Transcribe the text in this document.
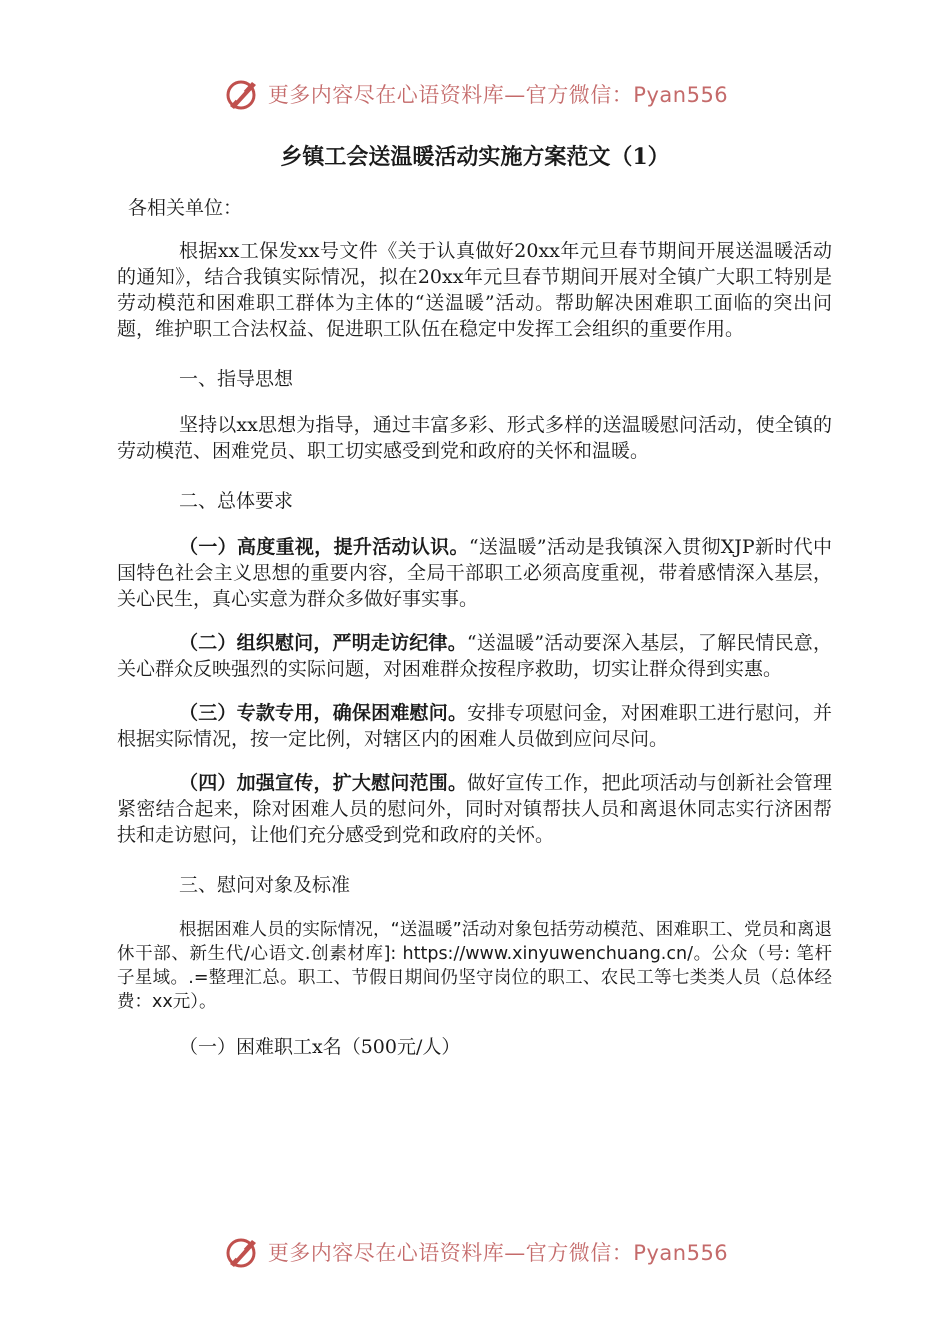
更多内容尽在心语资料库—官方微信：Pyan556
乡镇工会送温暖活动实施方案范文（1）

各相关单位：

根据xx工保发xx号文件《关于认真做好20xx年元旦春节期间开展送温暖活动的通知》，结合我镇实际情况，拟在20xx年元旦春节期间开展对全镇广大职工特别是劳动模范和困难职工群体为主体的“送温暖”活动。帮助解决困难职工面临的突出问题，维护职工合法权益、促进职工队伍在稳定中发挥工会组织的重要作用。

一、指导思想

坚持以xx思想为指导，通过丰富多彩、形式多样的送温暖慰问活动，使全镇的劳动模范、困难党员、职工切实感受到党和政府的关怀和温暖。

二、总体要求

（一）高度重视，提升活动认识。“送温暖”活动是我镇深入贯彻XJP新时代中国特色社会主义思想的重要内容，全局干部职工必须高度重视，带着感情深入基层，关心民生，真心实意为群众多做好事实事。

（二）组织慰问，严明走访纪律。“送温暖”活动要深入基层，了解民情民意，关心群众反映强烈的实际问题，对困难群众按程序救助，切实让群众得到实惠。

（三）专款专用，确保困难慰问。安排专项慰问金，对困难职工进行慰问，并根据实际情况，按一定比例，对辖区内的困难人员做到应问尽问。

（四）加强宣传，扩大慰问范围。做好宣传工作，把此项活动与创新社会管理紧密结合起来，除对困难人员的慰问外，同时对镇帮扶人员和离退休同志实行济困帮扶和走访慰问，让他们充分感受到党和政府的关怀。

三、慰问对象及标准

根据困难人员的实际情况，“送温暖”活动对象包括劳动模范、困难职工、党员和离退休干部、新生代/心语文.创素材库]: https://www.xinyuwenchuang.cn/。公众（号: 笔杆子星域。.=整理汇总。职工、节假日期间仍坚守岗位的职工、农民工等七类类人员（总体经费：xx元）。

（一）困难职工x名（500元/人）

更多内容尽在心语资料库—官方微信：Pyan556
